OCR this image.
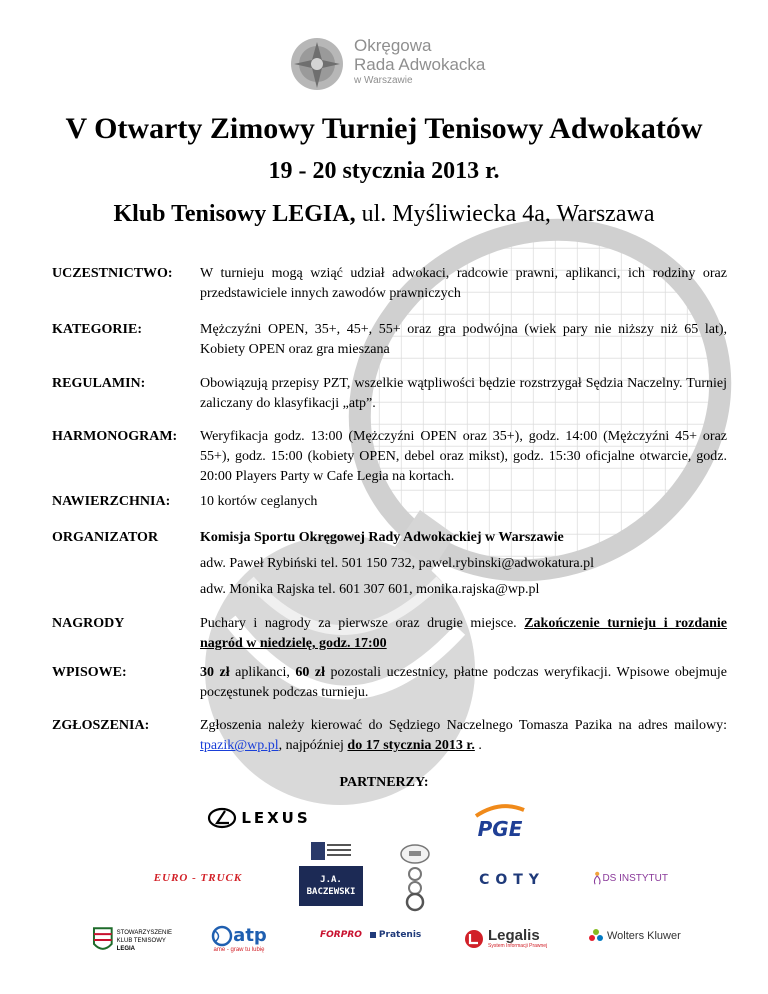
Okręgowa
Rada Adwokacka
w Warszawie
V Otwarty Zimowy Turniej Tenisowy Adwokatów
19 - 20 stycznia 2013 r.
Klub Tenisowy LEGIA, ul. Myśliwiecka 4a, Warszawa
UCZESTNICTWO:	W turnieju mogą wziąć udział adwokaci, radcowie prawni, aplikanci, ich rodziny oraz przedstawiciele innych zawodów prawniczych
KATEGORIE:	Mężczyźni OPEN, 35+, 45+, 55+ oraz gra podwójna (wiek pary nie niższy niż 65 lat), Kobiety OPEN oraz gra mieszana
REGULAMIN:	Obowiązują przepisy PZT, wszelkie wątpliwości będzie rozstrzygał Sędzia Naczelny. Turniej zaliczany do klasyfikacji „atp”.
HARMONOGRAM:	Weryfikacja godz. 13:00 (Mężczyźni OPEN oraz 35+), godz. 14:00 (Mężczyźni 45+ oraz 55+), godz. 15:00 (kobiety OPEN, debel oraz mikst), godz. 15:30 oficjalne otwarcie, godz. 20:00 Players Party w Cafe Legia na kortach.
NAWIERZCHNIA:	10 kortów ceglanych
ORGANIZATOR	Komisja Sportu Okręgowej Rady Adwokackiej w Warszawie
adw. Paweł Rybiński tel. 501 150 732, pawel.rybinski@adwokatura.pl
adw. Monika Rajska tel. 601 307 601, monika.rajska@wp.pl
NAGRODY	Puchary i nagrody za pierwsze oraz drugie miejsce. Zakończenie turnieju i rozdanie nagród w niedzielę, godz. 17:00
WPISOWE:	30 zł aplikanci, 60 zł pozostali uczestnicy, płatne podczas weryfikacji. Wpisowe obejmuje poczęstunek podczas turnieju.
ZGŁOSZENIA:	Zgłoszenia należy kierować do Sędziego Naczelnego Tomasza Pazika na adres mailowy: tpazik@wp.pl, najpóźniej do 17 stycznia 2013 r. .
PARTNERZY:
LEXUS	PGE
EURO - TRUCK	J.A.
BACZEWSKI
COTY	DS INSTYTUT
STOWARZYSZENIE
KLUB TENISOWY
LEGIA
atp
ame - graw tu lubię
FORPRO Pratenis	Legalis
System Informacji Prawnej
Wolters Kluwer
